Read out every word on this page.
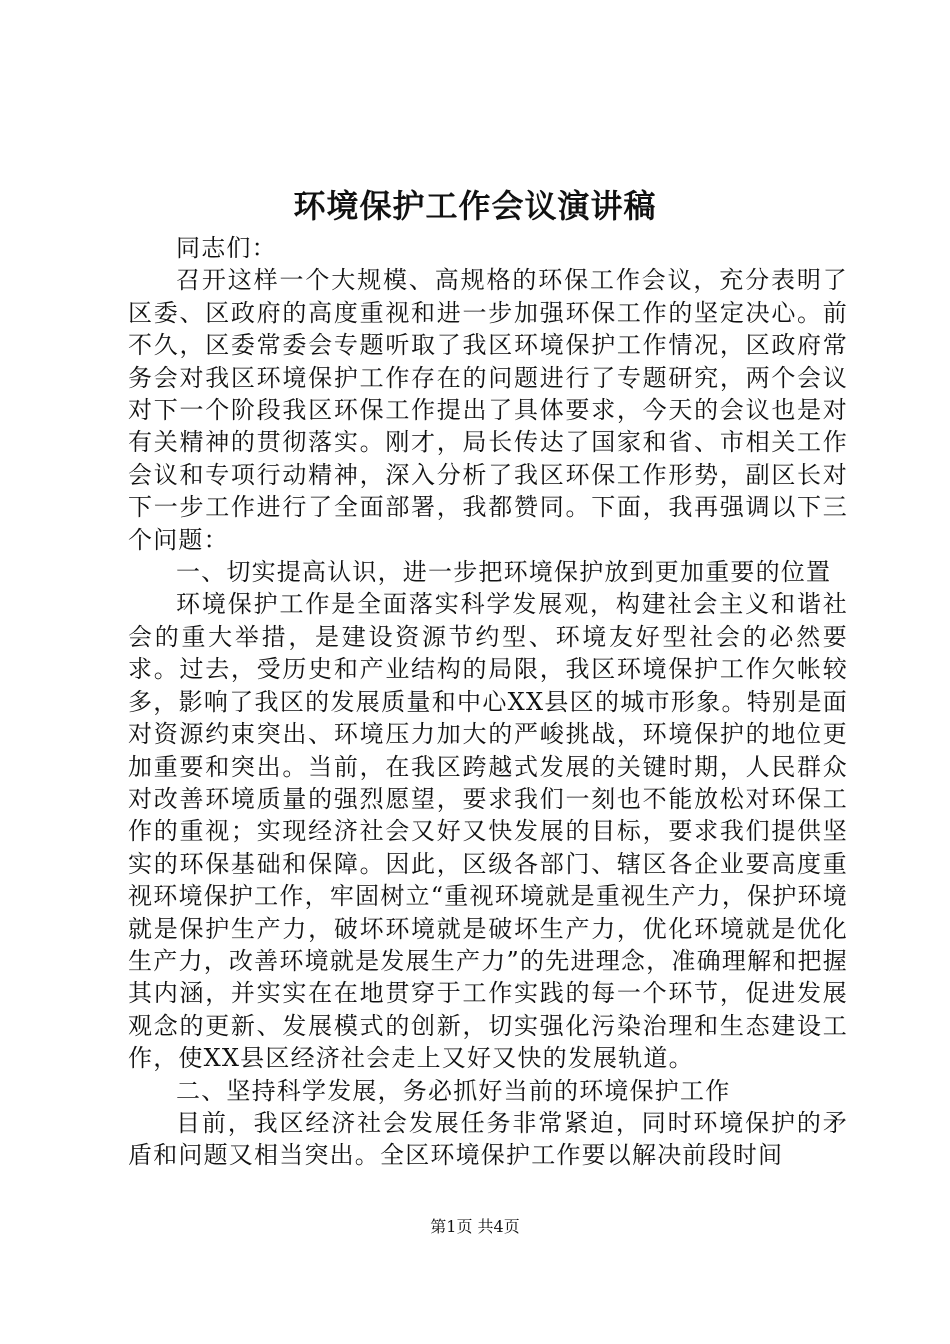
环境保护工作会议演讲稿

同志们：

召开这样一个大规模、高规格的环保工作会议，充分表明了区委、区政府的高度重视和进一步加强环保工作的坚定决心。前不久，区委常委会专题听取了我区环境保护工作情况，区政府常务会对我区环境保护工作存在的问题进行了专题研究，两个会议对下一个阶段我区环保工作提出了具体要求，今天的会议也是对有关精神的贯彻落实。刚才，局长传达了国家和省、市相关工作会议和专项行动精神，深入分析了我区环保工作形势，副区长对下一步工作进行了全面部署，我都赞同。下面，我再强调以下三个问题：

一、切实提高认识，进一步把环境保护放到更加重要的位置

环境保护工作是全面落实科学发展观，构建社会主义和谐社会的重大举措，是建设资源节约型、环境友好型社会的必然要求。过去，受历史和产业结构的局限，我区环境保护工作欠帐较多，影响了我区的发展质量和中心XX县区的城市形象。特别是面对资源约束突出、环境压力加大的严峻挑战，环境保护的地位更加重要和突出。当前，在我区跨越式发展的关键时期，人民群众对改善环境质量的强烈愿望，要求我们一刻也不能放松对环保工作的重视；实现经济社会又好又快发展的目标，要求我们提供坚实的环保基础和保障。因此，区级各部门、辖区各企业要高度重视环境保护工作，牢固树立“重视环境就是重视生产力，保护环境就是保护生产力，破坏环境就是破坏生产力，优化环境就是优化生产力，改善环境就是发展生产力”的先进理念，准确理解和把握其内涵，并实实在在地贯穿于工作实践的每一个环节，促进发展观念的更新、发展模式的创新，切实强化污染治理和生态建设工作，使XX县区经济社会走上又好又快的发展轨道。

二、坚持科学发展，务必抓好当前的环境保护工作

目前，我区经济社会发展任务非常紧迫，同时环境保护的矛盾和问题又相当突出。全区环境保护工作要以解决前段时间

第1页 共4页
